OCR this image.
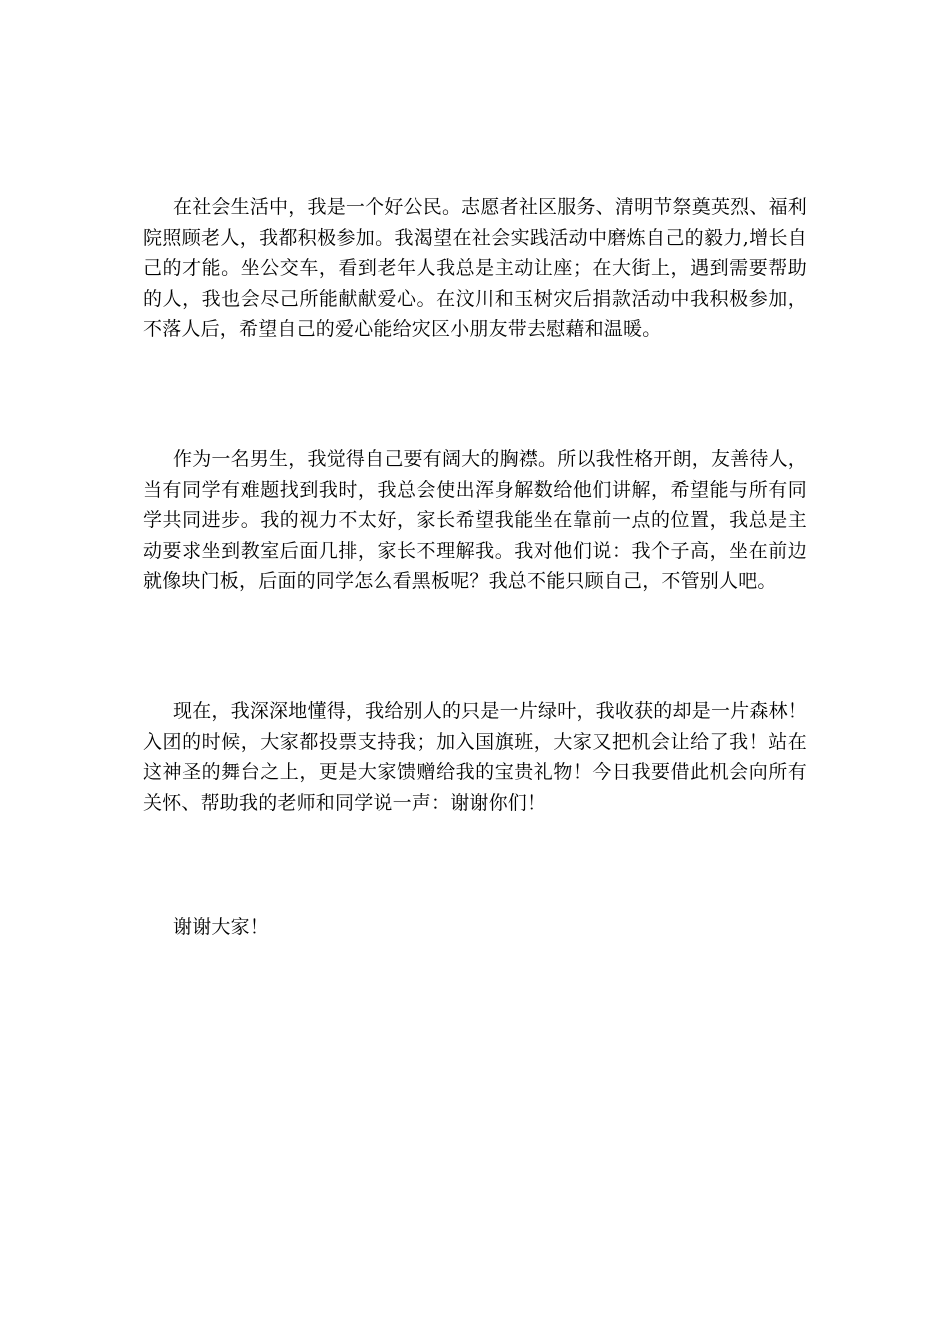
在社会生活中，我是一个好公民。志愿者社区服务、清明节祭奠英烈、福利院照顾老人，我都积极参加。我渴望在社会实践活动中磨炼自己的毅力,增长自己的才能。坐公交车，看到老年人我总是主动让座；在大街上，遇到需要帮助的人，我也会尽己所能献献爱心。在汶川和玉树灾后捐款活动中我积极参加，不落人后，希望自己的爱心能给灾区小朋友带去慰藉和温暖。

作为一名男生，我觉得自己要有阔大的胸襟。所以我性格开朗，友善待人，当有同学有难题找到我时，我总会使出浑身解数给他们讲解，希望能与所有同学共同进步。我的视力不太好，家长希望我能坐在靠前一点的位置，我总是主动要求坐到教室后面几排，家长不理解我。我对他们说：我个子高，坐在前边就像块门板，后面的同学怎么看黑板呢？我总不能只顾自己，不管别人吧。

现在，我深深地懂得，我给别人的只是一片绿叶，我收获的却是一片森林！入团的时候，大家都投票支持我；加入国旗班，大家又把机会让给了我！站在这神圣的舞台之上，更是大家馈赠给我的宝贵礼物！今日我要借此机会向所有关怀、帮助我的老师和同学说一声：谢谢你们！

谢谢大家！
